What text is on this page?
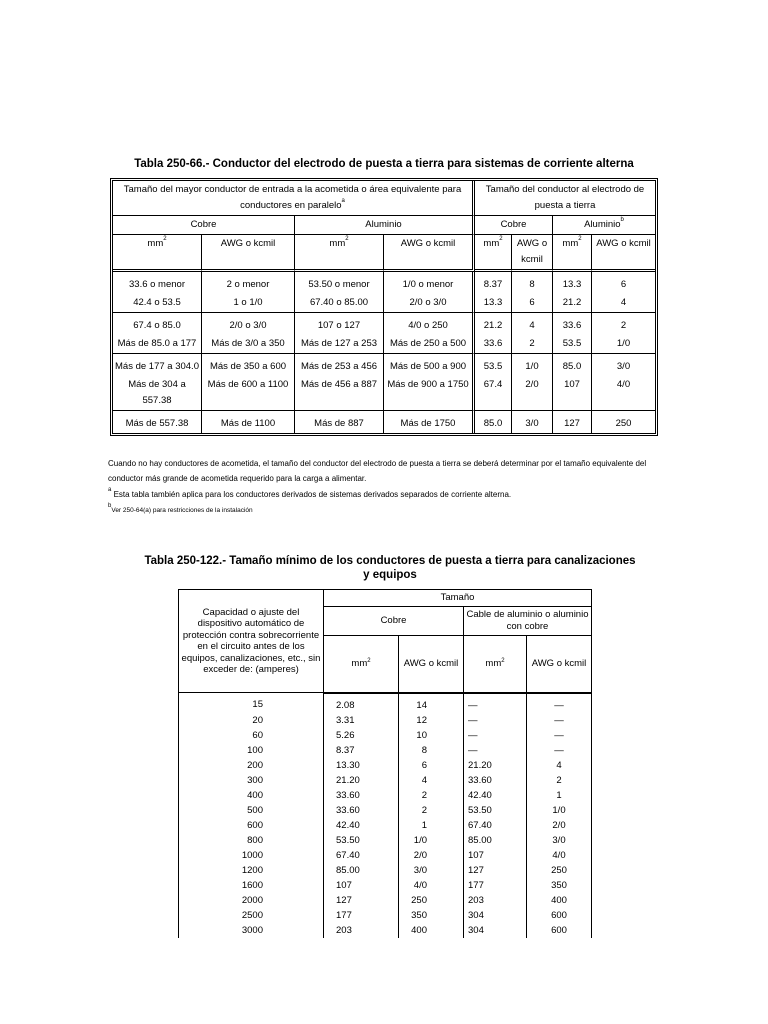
Tabla 250-66.- Conductor del electrodo de puesta a tierra para sistemas de corriente alterna
Tamaño del mayor conductor de entrada a la acometida o área equivalente para conductores en paralelo$^a$				Tamaño del conductor al electrodo de puesta a tierra			
Cobre		Aluminio		Cobre		Aluminio$^b$
$mm^2$	AWG o kcmil	$mm^2$	AWG o kcmil	$mm^2$	AWG o kcmil	$mm^2$	AWG o kcmil
33.6 o menor	2 o menor	53.50 o menor	1/0 o menor	8.37	8	13.3	6
42.4 o 53.5	1 o 1/0	67.40 o 85.00	2/0 o 3/0	13.3	6	21.2	4
67.4 o 85.0	2/0 o 3/0	107 o 127	4/0 o 250	21.2	4	33.6	2
Más de 85.0 a 177	Más de 3/0 a 350	Más de 127 a 253	Más de 250 a 500	33.6	2	53.5	1/0
Más de 177 a 304.0	Más de 350 a 600	Más de 253 a 456	Más de 500 a 900	53.5	1/0	85.0	3/0
Más de 304 a 557.38	Más de 600 a 1100	Más de 456 a 887	Más de 900 a 1750	67.4	2/0	107	4/0
Más de 557.38	Más de 1100	Más de 887	Más de 1750	85.0	3/0	127	250
Cuando no hay conductores de acometida, el tamaño del conductor del electrodo de puesta a tierra se deberá determinar por el tamaño equivalente del conductor más grande de acometida requerido para la carga a alimentar.
$^a$ Esta tabla también aplica para los conductores derivados de sistemas derivados separados de corriente alterna.
$^b$Ver 250-64(a) para restricciones de la instalación
Tabla 250-122.- Tamaño mínimo de los conductores de puesta a tierra para canalizaciones y equipos
Capacidad o ajuste del dispositivo automático de protección contra sobrecorriente en el circuito antes de los equipos, canalizaciones, etc., sin exceder de: (amperes)	Tamaño			
	Cobre		Cable de aluminio o aluminio con cobre	
	$mm^2$	AWG o kcmil	$mm^2$	AWG o kcmil
15	2.08	14	—	—
20	3.31	12	—	—
60	5.26	10	—	—
100	8.37	8	—	—
200	13.30	6	21.20	4
300	21.20	4	33.60	2
400	33.60	2	42.40	1
500	33.60	2	53.50	1/0
600	42.40	1	67.40	2/0
800	53.50	1/0	85.00	3/0
1000	67.40	2/0	107	4/0
1200	85.00	3/0	127	250
1600	107	4/0	177	350
2000	127	250	203	400
2500	177	350	304	600
3000	203	400	304	600
